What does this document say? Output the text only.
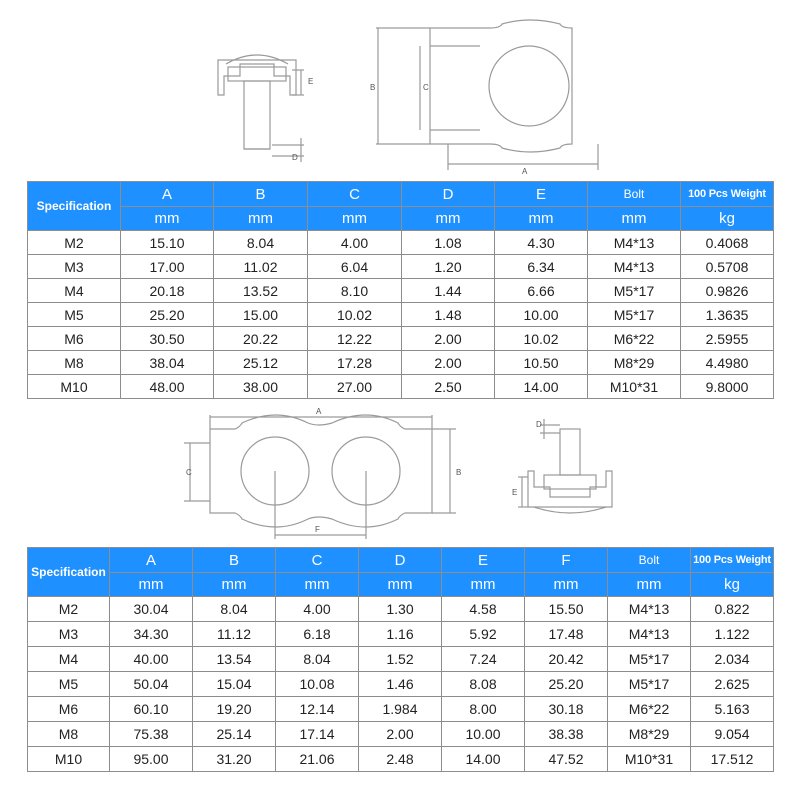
E
D
B	C
A
Specification	A	B	C	D	E	Bolt	100 Pcs Weight
	mm	mm	mm	mm	mm	mm	kg
M2	15.10	8.04	4.00	1.08	4.30	M4*13	0.4068
M3	17.00	11.02	6.04	1.20	6.34	M4*13	0.5708
M4	20.18	13.52	8.10	1.44	6.66	M5*17	0.9826
M5	25.20	15.00	10.02	1.48	10.00	M5*17	1.3635
M6	30.50	20.22	12.22	2.00	10.02	M6*22	2.5955
M8	38.04	25.12	17.28	2.00	10.50	M8*29	4.4980
M10	48.00	38.00	27.00	2.50	14.00	M10*31	9.8000
A
C	B
F
D
E
Specification	A	B	C	D	E	F	Bolt	100 Pcs Weight
	mm	mm	mm	mm	mm	mm	mm	kg
M2	30.04	8.04	4.00	1.30	4.58	15.50	M4*13	0.822
M3	34.30	11.12	6.18	1.16	5.92	17.48	M4*13	1.122
M4	40.00	13.54	8.04	1.52	7.24	20.42	M5*17	2.034
M5	50.04	15.04	10.08	1.46	8.08	25.20	M5*17	2.625
M6	60.10	19.20	12.14	1.984	8.00	30.18	M6*22	5.163
M8	75.38	25.14	17.14	2.00	10.00	38.38	M8*29	9.054
M10	95.00	31.20	21.06	2.48	14.00	47.52	M10*31	17.512
